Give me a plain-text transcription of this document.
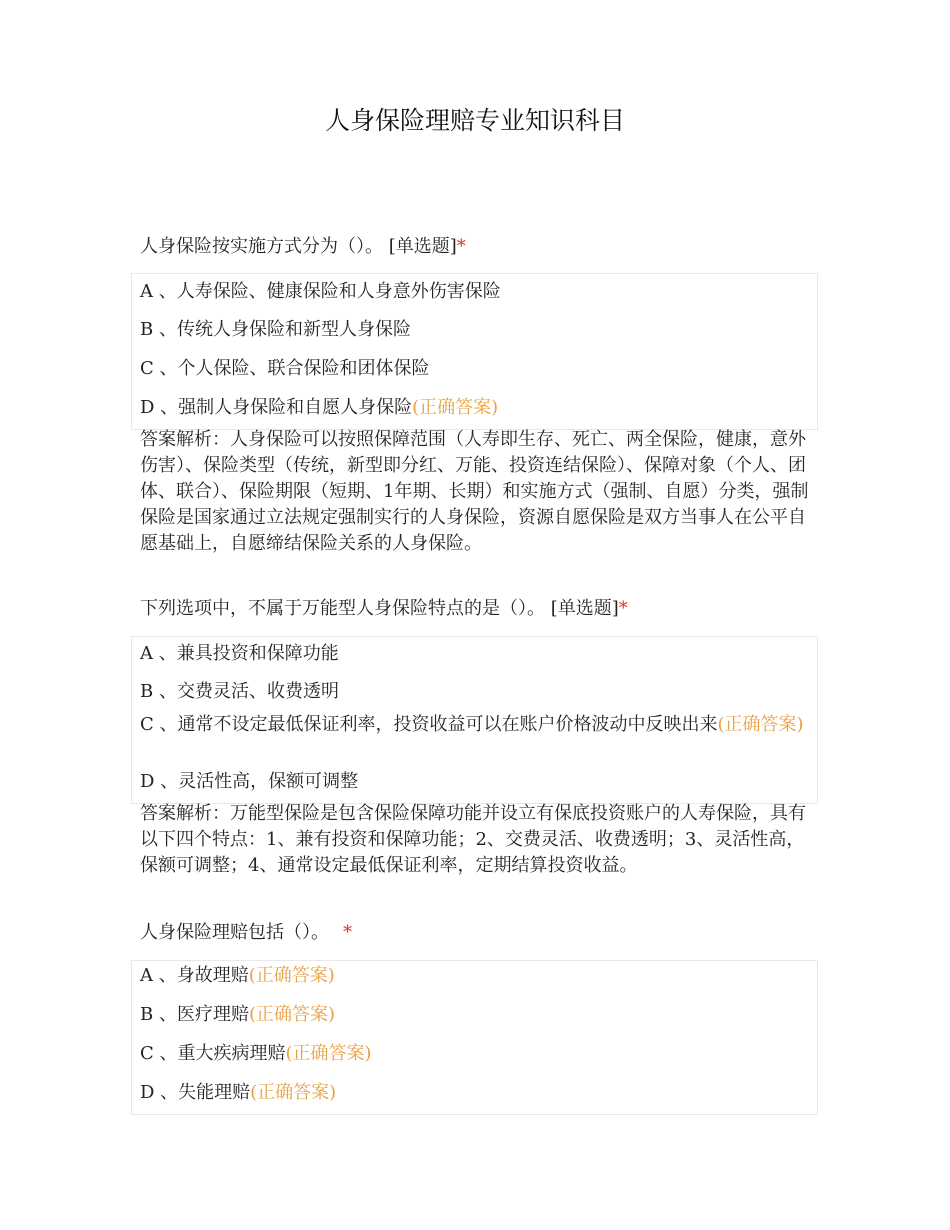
人身保险理赔专业知识科目
人身保险按实施方式分为（）。 [单选题]*
A 、人寿保险、健康保险和人身意外伤害保险
B 、传统人身保险和新型人身保险
C 、个人保险、联合保险和团体保险
D 、强制人身保险和自愿人身保险(正确答案)
答案解析：人身保险可以按照保障范围（人寿即生存、死亡、两全保险，健康，意外伤害）、保险类型（传统，新型即分红、万能、投资连结保险）、保障对象（个人、团体、联合）、保险期限（短期、1年期、长期）和实施方式（强制、自愿）分类，强制保险是国家通过立法规定强制实行的人身保险，资源自愿保险是双方当事人在公平自愿基础上，自愿缔结保险关系的人身保险。
下列选项中，不属于万能型人身保险特点的是（）。 [单选题]*
A 、兼具投资和保障功能
B 、交费灵活、收费透明
C 、通常不设定最低保证利率，投资收益可以在账户价格波动中反映出来(正确答案)
D 、灵活性高，保额可调整
答案解析：万能型保险是包含保险保障功能并设立有保底投资账户的人寿保险，具有以下四个特点：1、兼有投资和保障功能；2、交费灵活、收费透明；3、灵活性高，保额可调整；4、通常设定最低保证利率，定期结算投资收益。
人身保险理赔包括（）。 *
A 、身故理赔(正确答案)
B 、医疗理赔(正确答案)
C 、重大疾病理赔(正确答案)
D 、失能理赔(正确答案)
